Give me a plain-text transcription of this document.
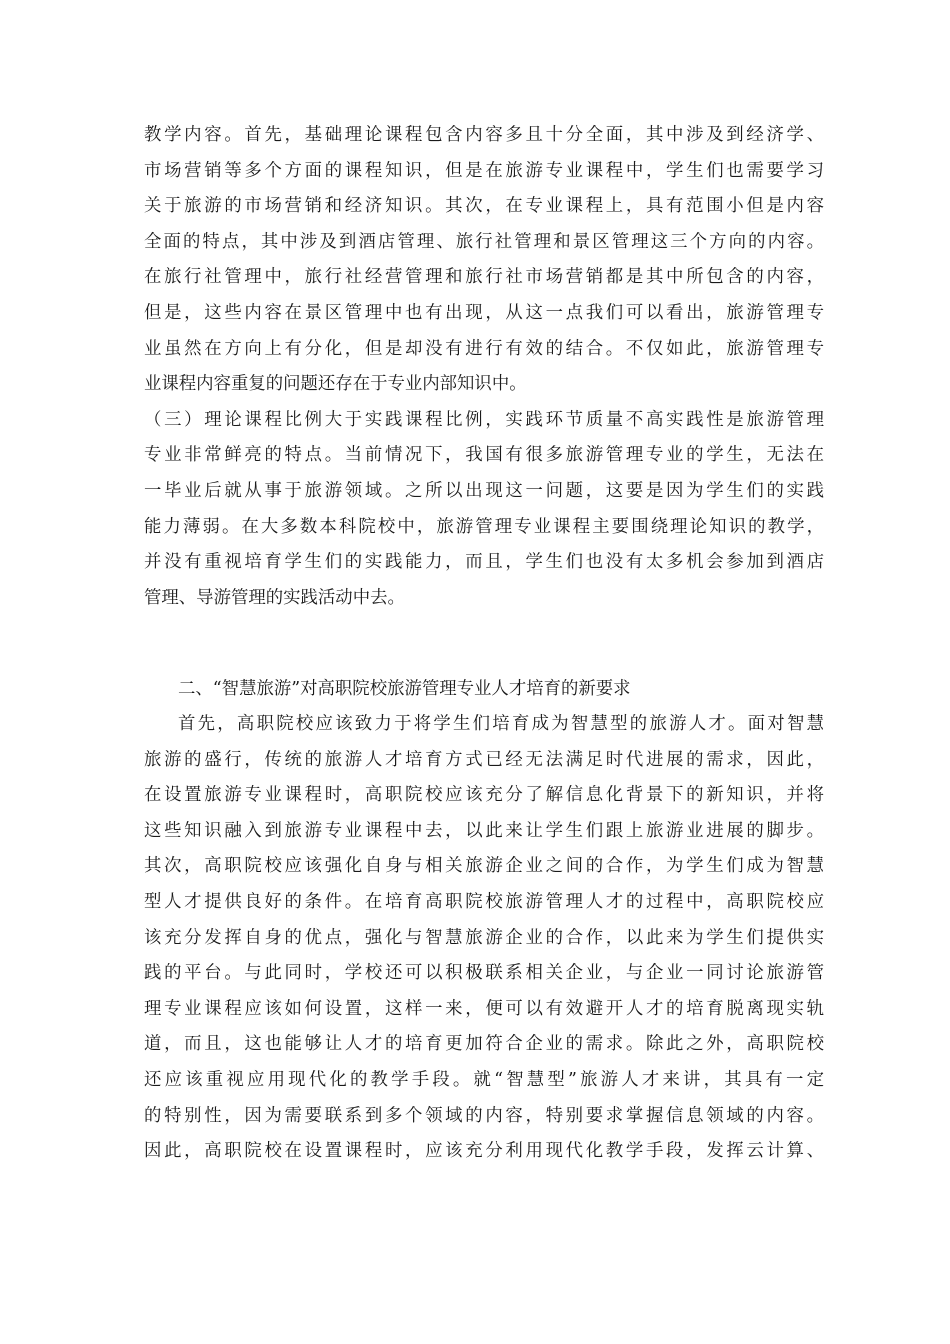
教学内容。首先，基础理论课程包含内容多且十分全面，其中涉及到经济学、
市场营销等多个方面的课程知识，但是在旅游专业课程中，学生们也需要学习
关于旅游的市场营销和经济知识。其次，在专业课程上，具有范围小但是内容
全面的特点，其中涉及到酒店管理、旅行社管理和景区管理这三个方向的内容。
在旅行社管理中，旅行社经营管理和旅行社市场营销都是其中所包含的内容，
但是，这些内容在景区管理中也有出现，从这一点我们可以看出，旅游管理专
业虽然在方向上有分化，但是却没有进行有效的结合。不仅如此，旅游管理专
业课程内容重复的问题还存在于专业内部知识中。
（三）理论课程比例大于实践课程比例，实践环节质量不高实践性是旅游管理
专业非常鲜亮的特点。当前情况下，我国有很多旅游管理专业的学生，无法在
一毕业后就从事于旅游领域。之所以出现这一问题，这要是因为学生们的实践
能力薄弱。在大多数本科院校中，旅游管理专业课程主要围绕理论知识的教学，
并没有重视培育学生们的实践能力，而且，学生们也没有太多机会参加到酒店
管理、导游管理的实践活动中去。
二、“智慧旅游”对高职院校旅游管理专业人才培育的新要求
首先，高职院校应该致力于将学生们培育成为智慧型的旅游人才。面对智慧
旅游的盛行，传统的旅游人才培育方式已经无法满足时代进展的需求，因此，
在设置旅游专业课程时，高职院校应该充分了解信息化背景下的新知识，并将
这些知识融入到旅游专业课程中去，以此来让学生们跟上旅游业进展的脚步。
其次，高职院校应该强化自身与相关旅游企业之间的合作，为学生们成为智慧
型人才提供良好的条件。在培育高职院校旅游管理人才的过程中，高职院校应
该充分发挥自身的优点，强化与智慧旅游企业的合作，以此来为学生们提供实
践的平台。与此同时，学校还可以积极联系相关企业，与企业一同讨论旅游管
理专业课程应该如何设置，这样一来，便可以有效避开人才的培育脱离现实轨
道，而且，这也能够让人才的培育更加符合企业的需求。除此之外，高职院校
还应该重视应用现代化的教学手段。就“智慧型”旅游人才来讲，其具有一定
的特别性，因为需要联系到多个领域的内容，特别要求掌握信息领域的内容。
因此，高职院校在设置课程时，应该充分利用现代化教学手段，发挥云计算、
